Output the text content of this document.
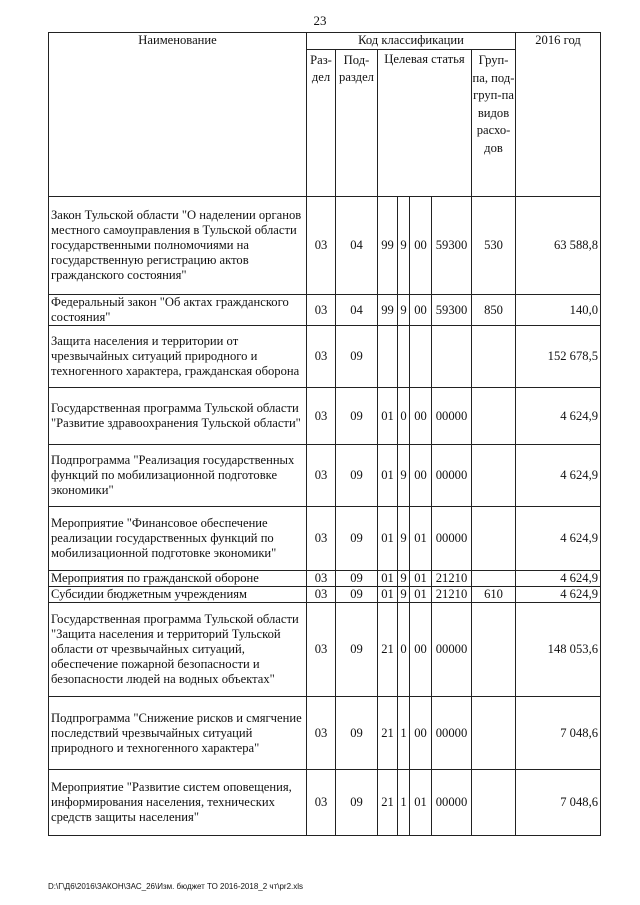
23
Наименование	Код классификации							2016 год
	Раз-дел	Под-раздел	Целевая статья				Груп-па, под-груп-па видов расхо-дов	
Закон Тульской области "О наделении органов местного самоуправления в Тульской области государственными полномочиями на государственную регистрацию актов гражданского состояния"	03	04	99	9	00	59300	530	63 588,8
Федеральный закон "Об актах гражданского состояния"	03	04	99	9	00	59300	850	140,0
Защита населения и территории от чрезвычайных ситуаций природного и техногенного характера, гражданская оборона	03	09						152 678,5
Государственная программа Тульской области "Развитие здравоохранения Тульской области"	03	09	01	0	00	00000		4 624,9
Подпрограмма "Реализация государственных функций по мобилизационной подготовке экономики"	03	09	01	9	00	00000		4 624,9
Мероприятие "Финансовое обеспечение реализации государственных функций по мобилизационной подготовке экономики"	03	09	01	9	01	00000		4 624,9
Мероприятия по гражданской обороне	03	09	01	9	01	21210		4 624,9
Субсидии бюджетным учреждениям	03	09	01	9	01	21210	610	4 624,9
Государственная программа Тульской области "Защита населения и территорий Тульской области от чрезвычайных ситуаций, обеспечение пожарной безопасности и безопасности людей на водных объектах"	03	09	21	0	00	00000		148 053,6
Подпрограмма "Снижение рисков и смягчение последствий чрезвычайных ситуаций природного и техногенного характера"	03	09	21	1	00	00000		7 048,6
Мероприятие "Развитие систем оповещения, информирования населения, технических средств защиты населения"	03	09	21	1	01	00000		7 048,6
D:\Г\Д6\2016\ЗАКОН\ЗАС_26\Изм. бюджет ТО 2016-2018_2 чт\pr2.xls
